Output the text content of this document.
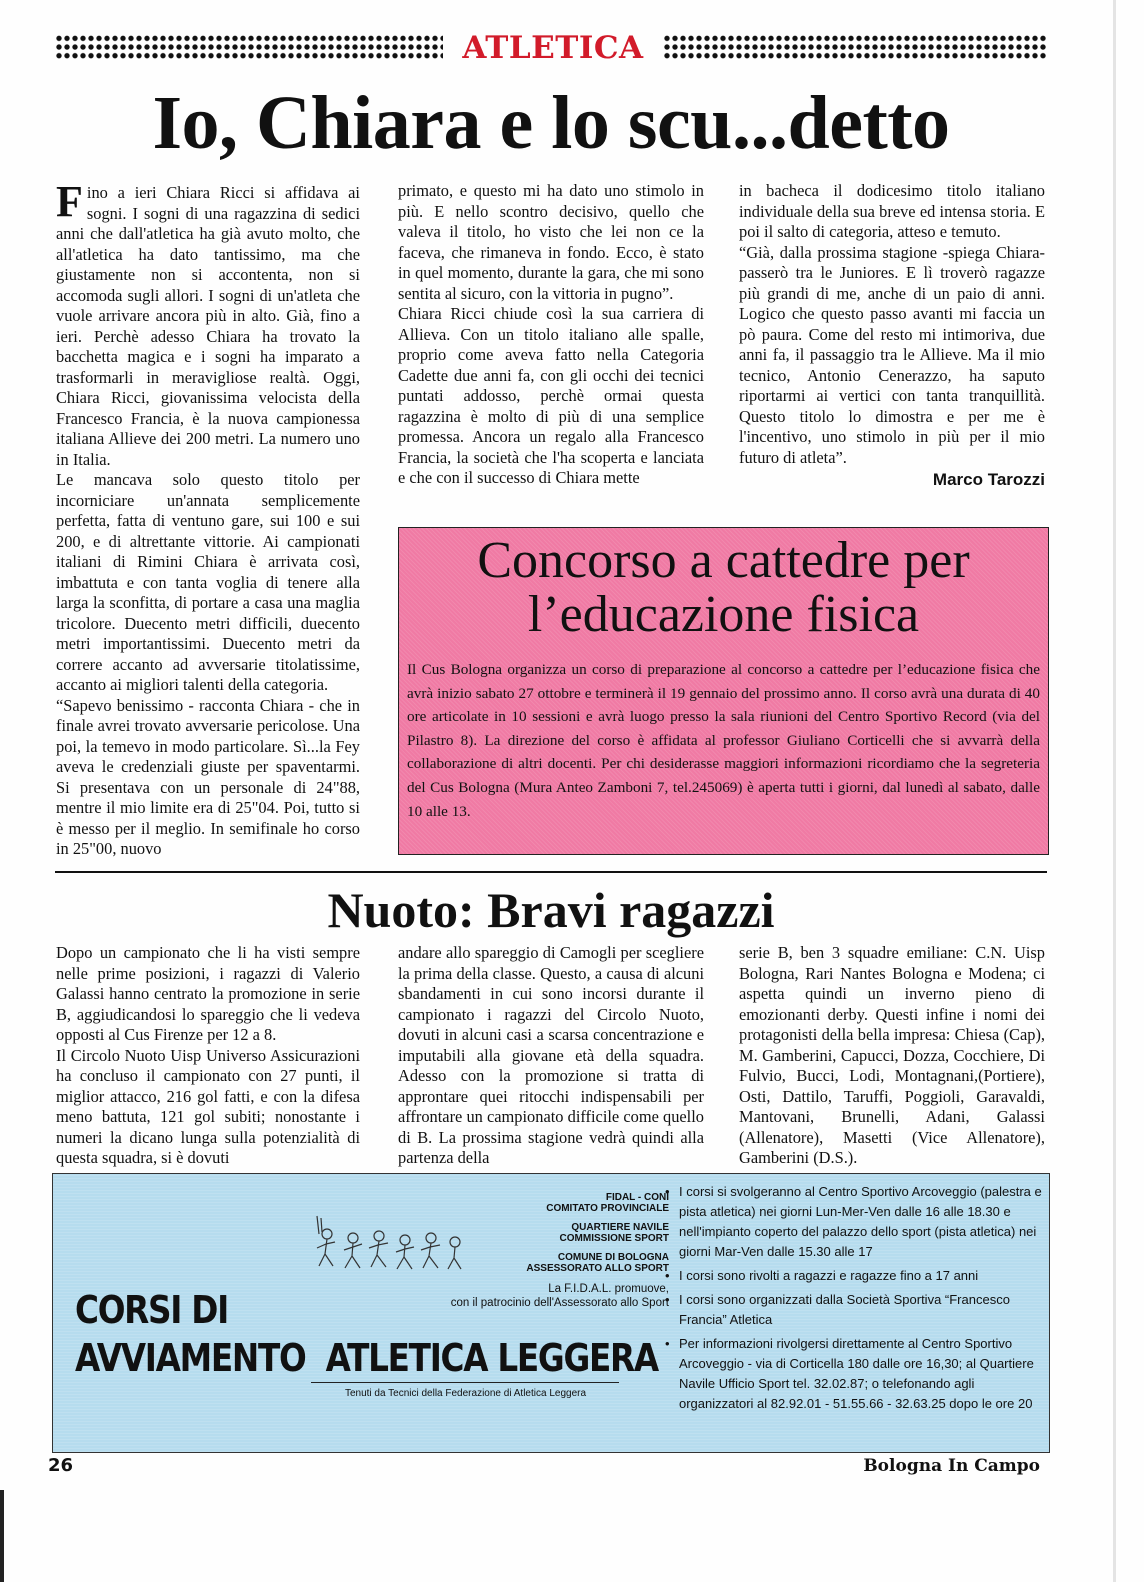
ATLETICA
Io, Chiara e lo scu...detto

Fino a ieri Chiara Ricci si affidava ai sogni. I sogni di una ragazzina di sedici anni che dall'atletica ha già avuto molto, che all'atletica ha dato tantissimo, ma che giustamente non si accontenta, non si accomoda sugli allori. I sogni di un'atleta che vuole arrivare ancora più in alto. Già, fino a ieri. Perchè adesso Chiara ha trovato la bacchetta magica e i sogni ha imparato a trasformarli in meravigliose realtà. Oggi, Chiara Ricci, giovanissima velocista della Francesco Francia, è la nuova campionessa italiana Allieve dei 200 metri. La numero uno in Italia.

Le mancava solo questo titolo per incorniciare un'annata semplicemente perfetta, fatta di ventuno gare, sui 100 e sui 200, e di altrettante vittorie. Ai campionati italiani di Rimini Chiara è arrivata così, imbattuta e con tanta voglia di tenere alla larga la sconfitta, di portare a casa una maglia tricolore. Duecento metri difficili, duecento metri importantissimi. Duecento metri da correre accanto ad avversarie titolatissime, accanto ai migliori talenti della categoria.

“Sapevo benissimo - racconta Chiara - che in finale avrei trovato avversarie pericolose. Una poi, la temevo in modo particolare. Sì...la Fey aveva le credenziali giuste per spaventarmi. Si presentava con un personale di 24"88, mentre il mio limite era di 25"04. Poi, tutto si è messo per il meglio. In semifinale ho corso in 25"00, nuovo

primato, e questo mi ha dato uno stimolo in più. E nello scontro decisivo, quello che valeva il titolo, ho visto che lei non ce la faceva, che rimaneva in fondo. Ecco, è stato in quel momento, durante la gara, che mi sono sentita al sicuro, con la vittoria in pugno”.

Chiara Ricci chiude così la sua carriera di Allieva. Con un titolo italiano alle spalle, proprio come aveva fatto nella Categoria Cadette due anni fa, con gli occhi dei tecnici puntati addosso, perchè ormai questa ragazzina è molto di più di una semplice promessa. Ancora un regalo alla Francesco Francia, la società che l'ha scoperta e lanciata e che con il successo di Chiara mette

in bacheca il dodicesimo titolo italiano individuale della sua breve ed intensa storia. E poi il salto di categoria, atteso e temuto.

“Già, dalla prossima stagione -spiega Chiara- passerò tra le Juniores. E lì troverò ragazze più grandi di me, anche di un paio di anni. Logico che questo passo avanti mi faccia un pò paura. Come del resto mi intimoriva, due anni fa, il passaggio tra le Allieve. Ma il mio tecnico, Antonio Cenerazzo, ha saputo riportarmi ai vertici con tanta tranquillità. Questo titolo lo dimostra e per me è l'incentivo, uno stimolo in più per il mio futuro di atleta”.

Marco Tarozzi
Concorso a cattedre per
l’educazione fisica
Il Cus Bologna organizza un corso di preparazione al concorso a cattedre per l’educazione fisica che avrà inizio sabato 27 ottobre e terminerà il 19 gennaio del prossimo anno. Il corso avrà una durata di 40 ore articolate in 10 sessioni e avrà luogo presso la sala riunioni del Centro Sportivo Record (via del Pilastro 8). La direzione del corso è affidata al professor Giuliano Corticelli che si avvarrà della collaborazione di altri docenti. Per chi desiderasse maggiori informazioni ricordiamo che la segreteria del Cus Bologna (Mura Anteo Zamboni 7, tel.245069) è aperta tutti i giorni, dal lunedì al sabato, dalle 10 alle 13.
Nuoto: Bravi ragazzi

Dopo un campionato che li ha visti sempre nelle prime posizioni, i ragazzi di Valerio Galassi hanno centrato la promozione in serie B, aggiudicandosi lo spareggio che li vedeva opposti al Cus Firenze per 12 a 8.

Il Circolo Nuoto Uisp Universo Assicurazioni ha concluso il campionato con 27 punti, il miglior attacco, 216 gol fatti, e con la difesa meno battuta, 121 gol subiti; nonostante i numeri la dicano lunga sulla potenzialità di questa squadra, si è dovuti

andare allo spareggio di Camogli per scegliere la prima della classe. Questo, a causa di alcuni sbandamenti in cui sono incorsi durante il campionato i ragazzi del Circolo Nuoto, dovuti in alcuni casi a scarsa concentrazione e imputabili alla giovane età della squadra. Adesso con la promozione si tratta di approntare quei ritocchi indispensabili per affrontare un campionato difficile come quello di B. La prossima stagione vedrà quindi alla partenza della

serie B, ben 3 squadre emiliane: C.N. Uisp Bologna, Rari Nantes Bologna e Modena; ci aspetta quindi un inverno pieno di emozionanti derby. Questi infine i nomi dei protagonisti della bella impresa: Chiesa (Cap), M. Gamberini, Capucci, Dozza, Cocchiere, Di Fulvio, Bucci, Lodi, Montagnani,(Portiere), Osti, Dattilo, Taruffi, Poggioli, Garavaldi, Mantovani, Brunelli, Adani, Galassi (Allenatore), Masetti (Vice Allenatore), Gamberini (D.S.).

FIDAL - CONI
COMITATO PROVINCIALE
QUARTIERE NAVILE
COMMISSIONE SPORT
COMUNE DI BOLOGNA
ASSESSORATO ALLO SPORT
La F.I.D.A.L. promuove,
con il patrocinio dell'Assessorato allo Sport
CORSI DI
AVVIAMENTO  ATLETICA LEGGERA
Tenuti da Tecnici della Federazione di Atletica Leggera
• I corsi si svolgeranno al Centro Sportivo Arcoveggio (palestra e pista atletica) nei giorni Lun-Mer-Ven dalle 16 alle 18.30 e nell'impianto coperto del palazzo dello sport (pista atletica) nei giorni Mar-Ven dalle 15.30 alle 17
• I corsi sono rivolti a ragazzi e ragazze fino a 17 anni
• I corsi sono organizzati dalla Società Sportiva “Francesco Francia” Atletica
• Per informazioni rivolgersi direttamente al Centro Sportivo Arcoveggio - via di Corticella 180 dalle ore 16,30; al Quartiere Navile Ufficio Sport tel. 32.02.87; o telefonando agli organizzatori al 82.92.01 - 51.55.66 - 32.63.25 dopo le ore 20
26	Bologna In Campo
